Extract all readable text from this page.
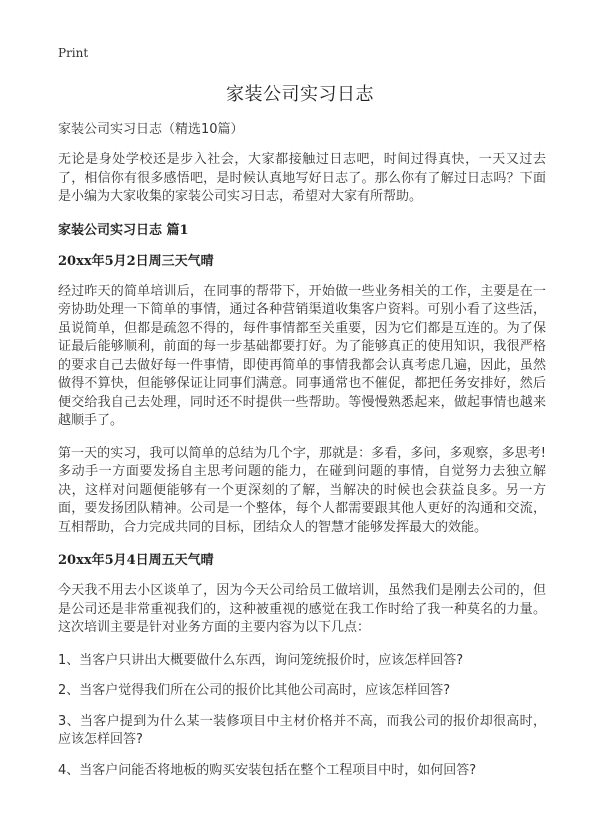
Print
家装公司实习日志
家装公司实习日志（精选10篇）

无论是身处学校还是步入社会，大家都接触过日志吧，时间过得真快，一天又过去了，相信你有很多感悟吧，是时候认真地写好日志了。那么你有了解过日志吗？下面是小编为大家收集的家装公司实习日志，希望对大家有所帮助。

家装公司实习日志 篇1
20xx年5月2日周三天气晴

经过昨天的简单培训后，在同事的帮带下，开始做一些业务相关的工作，主要是在一旁协助处理一下简单的事情，通过各种营销渠道收集客户资料。可别小看了这些活，虽说简单，但都是疏忽不得的，每件事情都至关重要，因为它们都是互连的。为了保证最后能够顺利，前面的每一步基础都要打好。为了能够真正的使用知识，我很严格的要求自己去做好每一件事情，即使再简单的事情我都会认真考虑几遍，因此，虽然做得不算快，但能够保证让同事们满意。同事通常也不催促，都把任务安排好，然后便交给我自己去处理，同时还不时提供一些帮助。等慢慢熟悉起来，做起事情也越来越顺手了。

第一天的实习，我可以简单的总结为几个字，那就是：多看，多问，多观察，多思考!多动手一方面要发扬自主思考问题的能力，在碰到问题的事情，自觉努力去独立解决，这样对问题便能够有一个更深刻的了解，当解决的时候也会获益良多。另一方面，要发扬团队精神。公司是一个整体，每个人都需要跟其他人更好的沟通和交流，互相帮助，合力完成共同的目标，团结众人的智慧才能够发挥最大的效能。

20xx年5月4日周五天气晴

今天我不用去小区谈单了，因为今天公司给员工做培训，虽然我们是刚去公司的，但是公司还是非常重视我们的，这种被重视的感觉在我工作时给了我一种莫名的力量。这次培训主要是针对业务方面的主要内容为以下几点：

1、当客户只讲出大概要做什么东西，询问笼统报价时，应该怎样回答?

2、当客户觉得我们所在公司的报价比其他公司高时，应该怎样回答?

3、当客户提到为什么某一装修项目中主材价格并不高，而我公司的报价却很高时，应该怎样回答?

4、当客户问能否将地板的购买安装包括在整个工程项目中时，如何回答?
